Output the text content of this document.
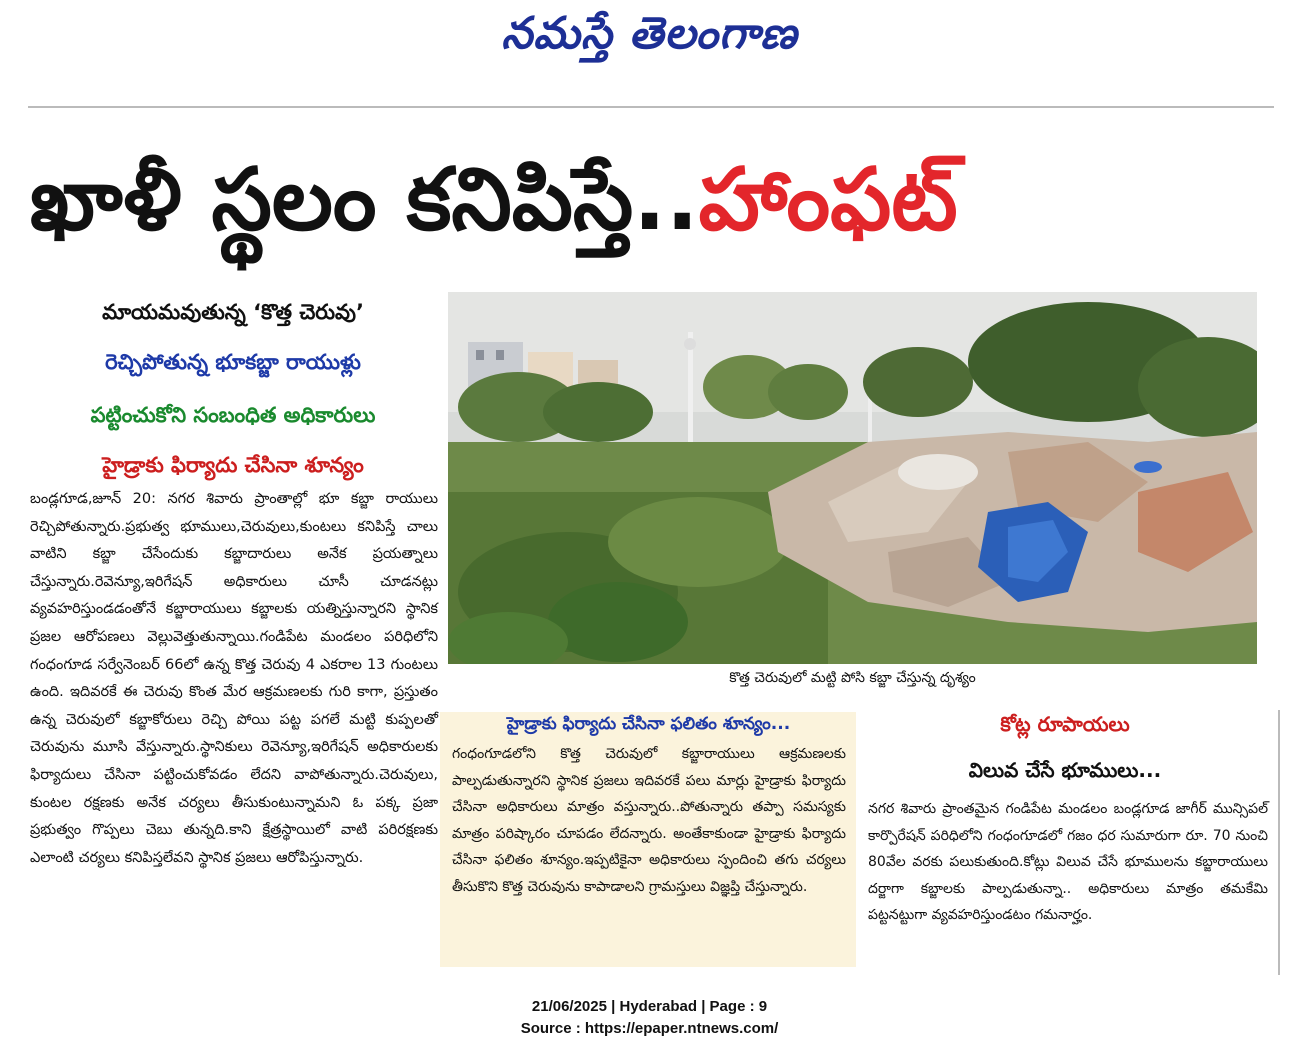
నమస్తే తెలంగాణ
ఖాళీ స్థలం కనిపిస్తే..హాంఫట్
మాయమవుతున్న ‘కొత్త చెరువు’
రెచ్చిపోతున్న భూకబ్జా రాయుళ్లు
పట్టించుకోని సంబంధిత అధికారులు
హైడ్రాకు ఫిర్యాదు చేసినా శూన్యం

బండ్లగూడ,జూన్ 20: నగర శివారు ప్రాంతాల్లో భూ కబ్జా రాయులు రెచ్చిపోతున్నారు.ప్రభుత్వ భూములు,చెరువులు,కుంటలు కనిపిస్తే చాలు వాటిని కబ్జా చేసేందుకు కబ్జాదారులు అనేక ప్రయత్నాలు చేస్తున్నారు.రెవెన్యూ,ఇరిగేషన్ అధికారులు చూసీ చూడనట్లు వ్యవహరిస్తుండడంతోనే కబ్జారాయులు కబ్జాలకు యత్నిస్తున్నారని స్థానిక ప్రజల ఆరోపణలు వెల్లువెత్తుతున్నాయి.గండిపేట మండలం పరిధిలోని గంధంగూడ సర్వేనెంబర్ 66లో ఉన్న కొత్త చెరువు 4 ఎకరాల 13 గుంటలు ఉంది. ఇదివరకే ఈ చెరువు కొంత మేర ఆక్రమణలకు గురి కాగా, ప్రస్తుతం ఉన్న చెరువులో కబ్జాకోరులు రెచ్చి పోయి పట్ట పగలే మట్టి కుప్పలతో చెరువును మూసి వేస్తున్నారు.స్థానికులు రెవెన్యూ,ఇరిగేషన్ అధికారులకు ఫిర్యాదులు చేసినా పట్టించుకోవడం లేదని వాపోతున్నారు.చెరువులు, కుంటల రక్షణకు అనేక చర్యలు తీసుకుంటున్నామని ఓ పక్క ప్రజా ప్రభుత్వం గొప్పలు చెబు తున్నది.కాని క్షేత్రస్థాయిలో వాటి పరిరక్షణకు ఎలాంటి చర్యలు కనిపిస్తలేవని స్థానిక ప్రజలు ఆరోపిస్తున్నారు.

కొత్త చెరువులో మట్టి పోసి కబ్జా చేస్తున్న దృశ్యం
హైడ్రాకు ఫిర్యాదు చేసినా ఫలితం శూన్యం...
గంధంగూడలోని కొత్త చెరువులో కబ్జారాయులు ఆక్రమణలకు పాల్పడుతున్నారని స్థానిక ప్రజలు ఇదివరకే పలు మార్లు హైడ్రాకు ఫిర్యాదు చేసినా అధికారులు మాత్రం వస్తున్నారు..పోతున్నారు తప్పా సమస్యకు మాత్రం పరిష్కారం చూపడం లేదన్నారు. అంతేకాకుండా హైడ్రాకు ఫిర్యాదు చేసినా ఫలితం శూన్యం.ఇప్పటికైనా అధికారులు స్పందించి తగు చర్యలు తీసుకొని కొత్త చెరువును కాపాడాలని గ్రామస్తులు విజ్ఞప్తి చేస్తున్నారు.
కోట్ల రూపాయలు
విలువ చేసే భూములు...
నగర శివారు ప్రాంతమైన గండిపేట మండలం బండ్లగూడ జాగీర్ మున్సిపల్ కార్పొరేషన్ పరిధిలోని గంధంగూడలో గజం ధర సుమారుగా రూ. 70 నుంచి 80వేల వరకు పలుకుతుంది.కోట్లు విలువ చేసే భూములను కబ్జారాయులు దర్జాగా కబ్జాలకు పాల్పడుతున్నా.. అధికారులు మాత్రం తమకేమి పట్టనట్టుగా వ్యవహరిస్తుండటం గమనార్హం.
21/06/2025 | Hyderabad | Page : 9
Source : https://epaper.ntnews.com/
